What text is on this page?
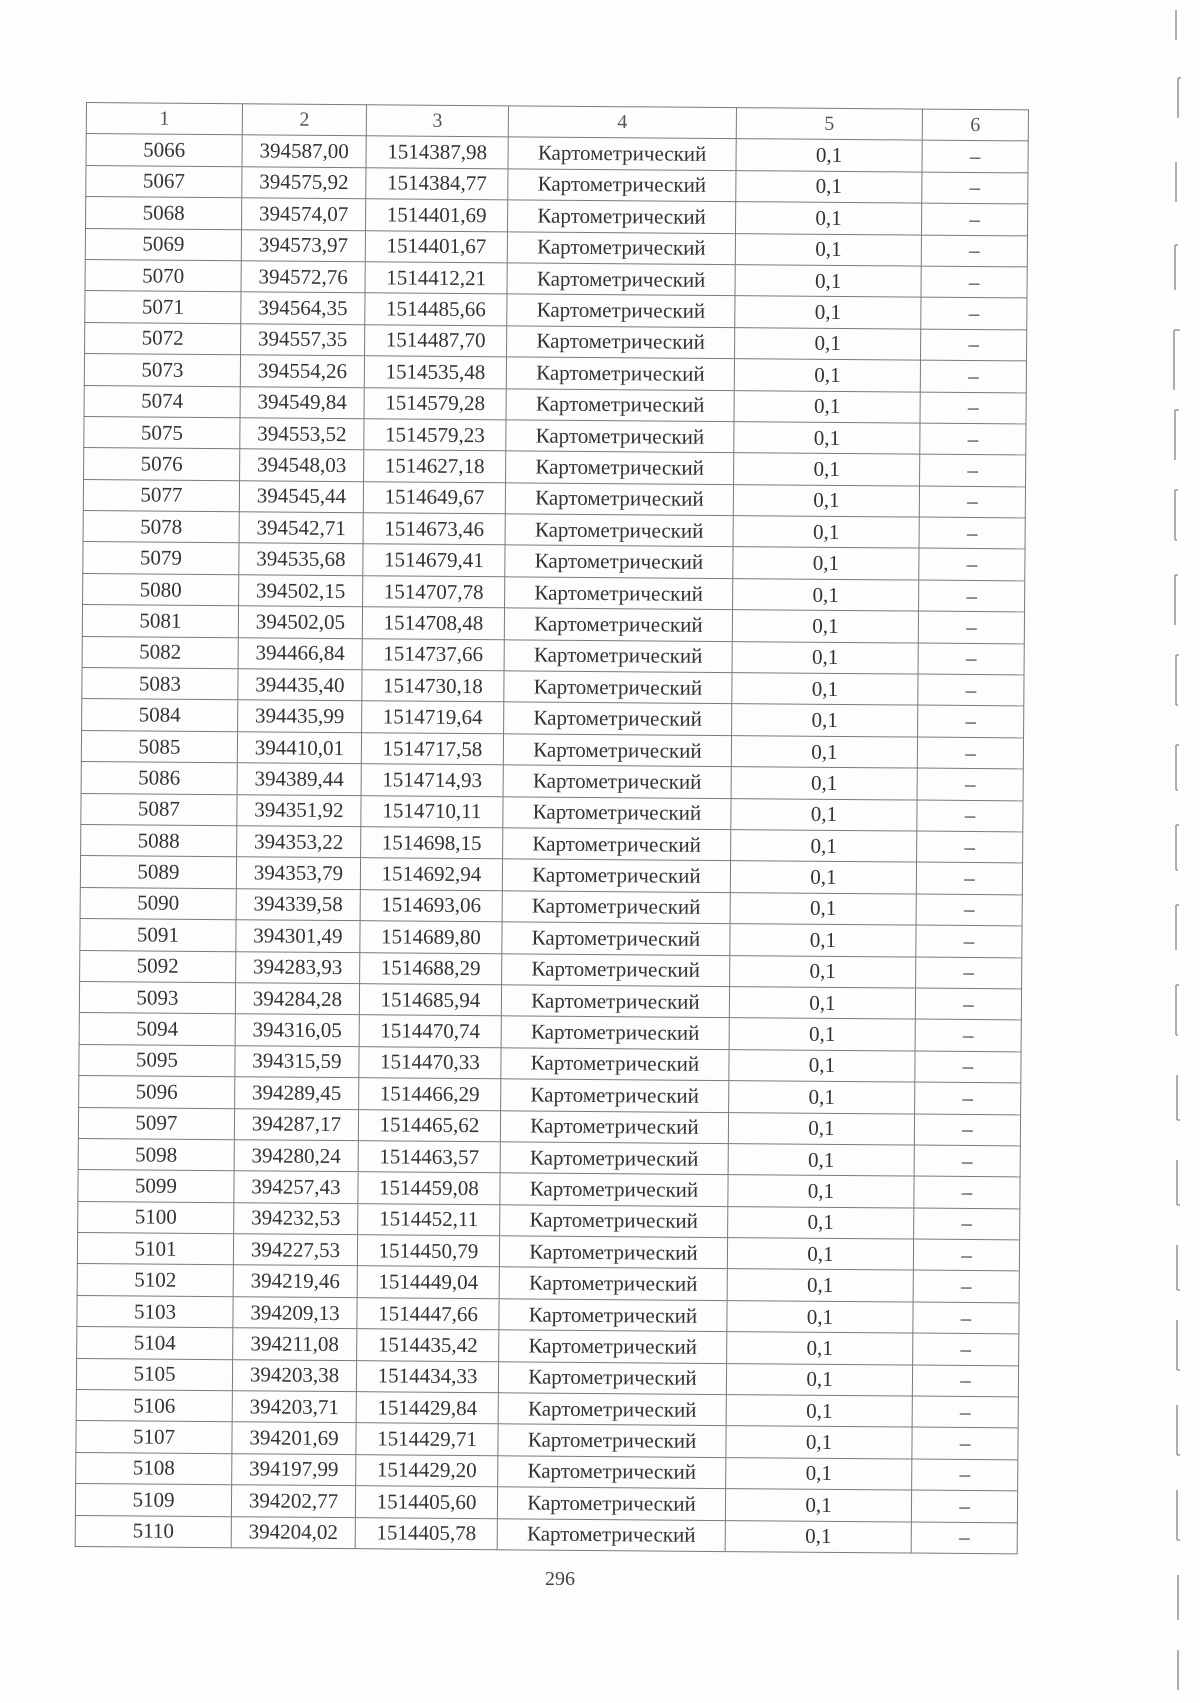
1	2	3	4	5	6
5066	394587,00	1514387,98	Картометрический	0,1	–
5067	394575,92	1514384,77	Картометрический	0,1	–
5068	394574,07	1514401,69	Картометрический	0,1	–
5069	394573,97	1514401,67	Картометрический	0,1	–
5070	394572,76	1514412,21	Картометрический	0,1	–
5071	394564,35	1514485,66	Картометрический	0,1	–
5072	394557,35	1514487,70	Картометрический	0,1	–
5073	394554,26	1514535,48	Картометрический	0,1	–
5074	394549,84	1514579,28	Картометрический	0,1	–
5075	394553,52	1514579,23	Картометрический	0,1	–
5076	394548,03	1514627,18	Картометрический	0,1	–
5077	394545,44	1514649,67	Картометрический	0,1	–
5078	394542,71	1514673,46	Картометрический	0,1	–
5079	394535,68	1514679,41	Картометрический	0,1	–
5080	394502,15	1514707,78	Картометрический	0,1	–
5081	394502,05	1514708,48	Картометрический	0,1	–
5082	394466,84	1514737,66	Картометрический	0,1	–
5083	394435,40	1514730,18	Картометрический	0,1	–
5084	394435,99	1514719,64	Картометрический	0,1	–
5085	394410,01	1514717,58	Картометрический	0,1	–
5086	394389,44	1514714,93	Картометрический	0,1	–
5087	394351,92	1514710,11	Картометрический	0,1	–
5088	394353,22	1514698,15	Картометрический	0,1	–
5089	394353,79	1514692,94	Картометрический	0,1	–
5090	394339,58	1514693,06	Картометрический	0,1	–
5091	394301,49	1514689,80	Картометрический	0,1	–
5092	394283,93	1514688,29	Картометрический	0,1	–
5093	394284,28	1514685,94	Картометрический	0,1	–
5094	394316,05	1514470,74	Картометрический	0,1	–
5095	394315,59	1514470,33	Картометрический	0,1	–
5096	394289,45	1514466,29	Картометрический	0,1	–
5097	394287,17	1514465,62	Картометрический	0,1	–
5098	394280,24	1514463,57	Картометрический	0,1	–
5099	394257,43	1514459,08	Картометрический	0,1	–
5100	394232,53	1514452,11	Картометрический	0,1	–
5101	394227,53	1514450,79	Картометрический	0,1	–
5102	394219,46	1514449,04	Картометрический	0,1	–
5103	394209,13	1514447,66	Картометрический	0,1	–
5104	394211,08	1514435,42	Картометрический	0,1	–
5105	394203,38	1514434,33	Картометрический	0,1	–
5106	394203,71	1514429,84	Картометрический	0,1	–
5107	394201,69	1514429,71	Картометрический	0,1	–
5108	394197,99	1514429,20	Картометрический	0,1	–
5109	394202,77	1514405,60	Картометрический	0,1	–
5110	394204,02	1514405,78	Картометрический	0,1	–
296
